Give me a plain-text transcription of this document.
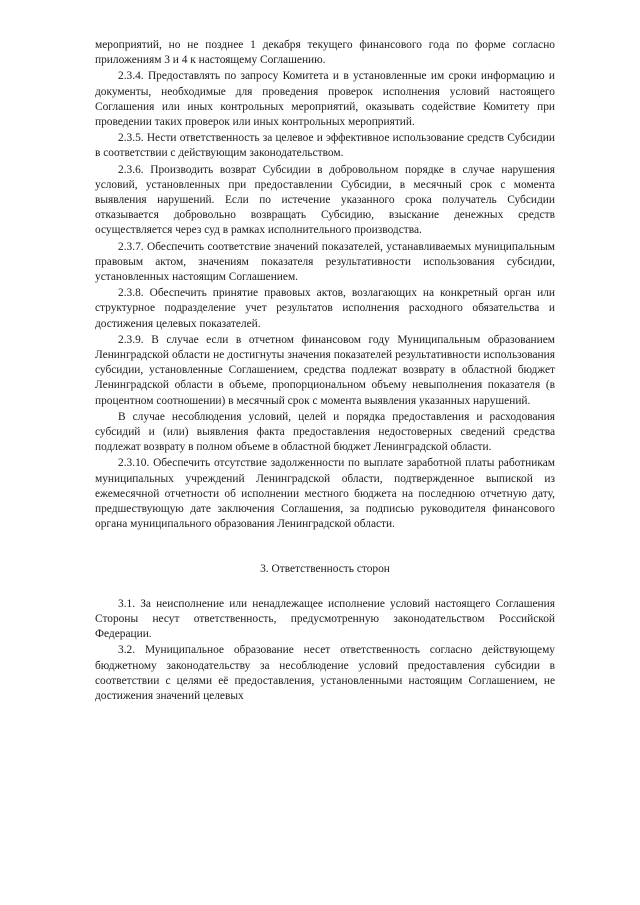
мероприятий, но не позднее 1 декабря текущего финансового года по форме согласно приложениям 3 и 4 к настоящему Соглашению.

2.3.4. Предоставлять по запросу Комитета и в установленные им сроки информацию и документы, необходимые для проведения проверок исполнения условий настоящего Соглашения или иных контрольных мероприятий, оказывать содействие Комитету при проведении таких проверок или иных контрольных мероприятий.

2.3.5. Нести ответственность за целевое и эффективное использование средств Субсидии в соответствии с действующим законодательством.

2.3.6. Производить возврат Субсидии в добровольном порядке в случае нарушения условий, установленных при предоставлении Субсидии, в месячный срок с момента выявления нарушений. Если по истечение указанного срока получатель Субсидии отказывается добровольно возвращать Субсидию, взыскание денежных средств осуществляется через суд в рамках исполнительного производства.

2.3.7. Обеспечить соответствие значений показателей, устанавливаемых муниципальным правовым актом, значениям показателя результативности использования субсидии, установленных настоящим Соглашением.

2.3.8. Обеспечить принятие правовых актов, возлагающих на конкретный орган или структурное подразделение учет результатов исполнения расходного обязательства и достижения целевых показателей.

2.3.9. В случае если в отчетном финансовом году Муниципальным образованием Ленинградской области не достигнуты значения показателей результативности использования субсидии, установленные Соглашением, средства подлежат возврату в областной бюджет Ленинградской области в объеме, пропорциональном объему невыполнения показателя (в процентном соотношении) в месячный срок с момента выявления указанных нарушений.

В случае несоблюдения условий, целей и порядка предоставления и расходования субсидий и (или) выявления факта предоставления недостоверных сведений средства подлежат возврату в полном объеме в областной бюджет Ленинградской области.

2.3.10. Обеспечить отсутствие задолженности по выплате заработной платы работникам муниципальных учреждений Ленинградской области, подтвержденное выпиской из ежемесячной отчетности об исполнении местного бюджета на последнюю отчетную дату, предшествующую дате заключения Соглашения, за подписью руководителя финансового органа муниципального образования Ленинградской области.

3. Ответственность сторон

3.1. За неисполнение или ненадлежащее исполнение условий настоящего Соглашения Стороны несут ответственность, предусмотренную законодательством Российской Федерации.

3.2. Муниципальное образование несет ответственность согласно действующему бюджетному законодательству за несоблюдение условий предоставления субсидии в соответствии с целями её предоставления, установленными настоящим Соглашением, не достижения значений целевых
